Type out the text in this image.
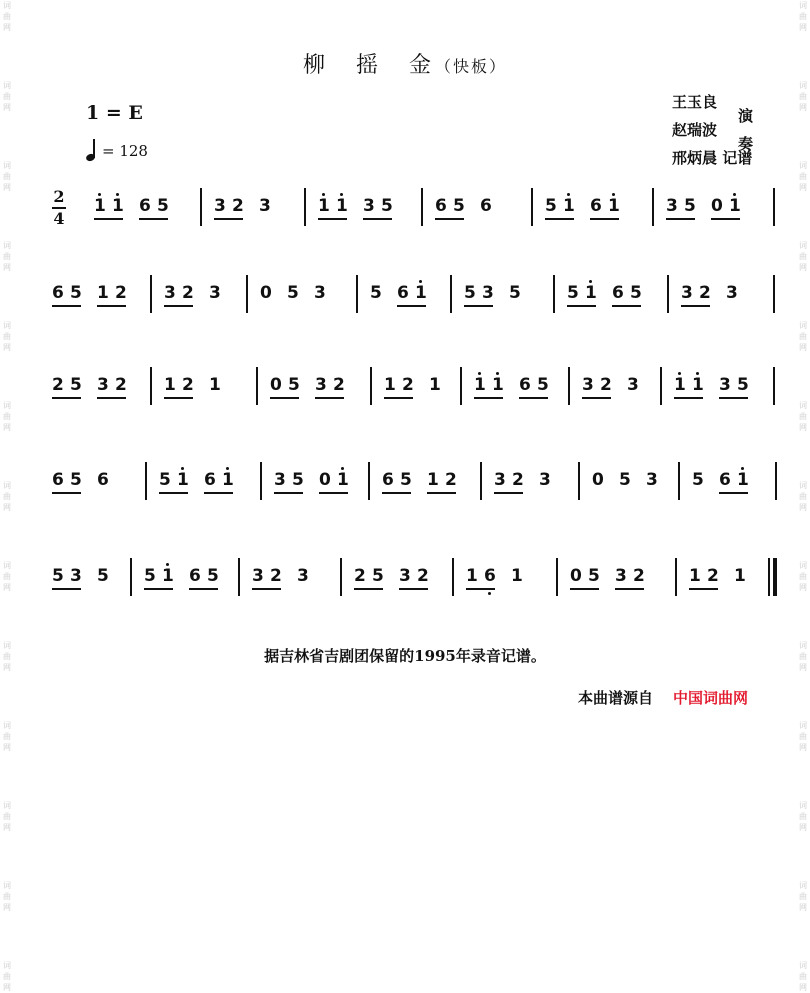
词
曲
网
词
曲
网
词
曲
网
词
曲
网
词
曲
网
词
曲
网
词
曲
网
词
曲
网
词
曲
网
词
曲
网
词
曲
网
词
曲
网
词
曲
网
词
曲
网
词
曲
网
词
曲
网
词
曲
网
词
曲
网
词
曲
网
词
曲
网
词
曲
网
词
曲
网
词
曲
网
词
曲
网
词
曲
网
词
曲
网
柳 摇 金（快板）
1 = E
= 128
王玉良
赵瑞波
演奏
邢炳晨 记谱
2
4
1 1 6 5	3 2 3	1 1 3 5 6 5 6	5 1 6 1	3 5 0 1
6 5 1 2 3 2 3 0 5 3	5 6 1 5 3 5	5 1 6 5 3 2 3
2 5 3 2 1 2 1	0 5 3 2 1 2 1 1 1 6 5 3 2 3 1 1 3 5
6 5 6	5 1 6 1 3 5 0 1 6 5 1 2 3 2 3 0 5 3 5 6 1
5 3 5 5 1 6 5 3 2 3	2 5 3 2 1 6 1	0 5 3 2	1 2 1
据吉林省吉剧团保留的1995年录音记谱。
本曲谱源自 中国词曲网
